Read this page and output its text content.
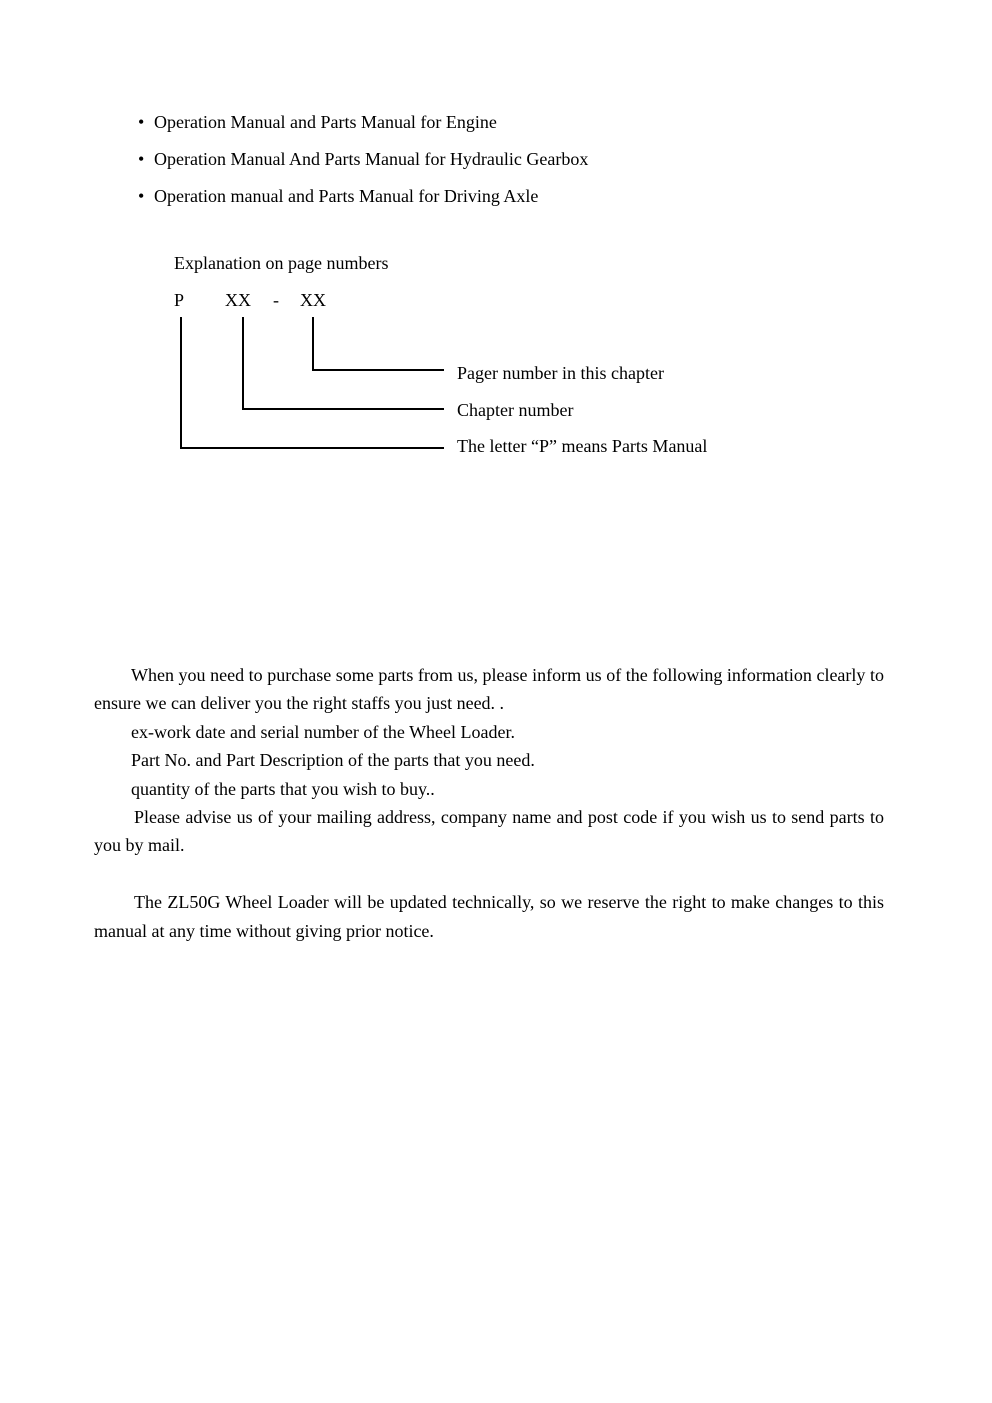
• Operation Manual and Parts Manual for Engine
• Operation Manual And Parts Manual for Hydraulic Gearbox
• Operation manual and Parts Manual for Driving Axle
Explanation on page numbers
P XX - XX
Pager number in this chapter
Chapter number
The letter “P” means Parts Manual

When you need to purchase some parts from us, please inform us of the following information clearly to ensure we can deliver you the right staffs you just need. .

ex-work date and serial number of the Wheel Loader.

Part No. and Part Description of the parts that you need.

quantity of the parts that you wish to buy..

Please advise us of your mailing address, company name and post code if you wish us to send parts to you by mail.

The ZL50G Wheel Loader will be updated technically, so we reserve the right to make changes to this manual at any time without giving prior notice.
